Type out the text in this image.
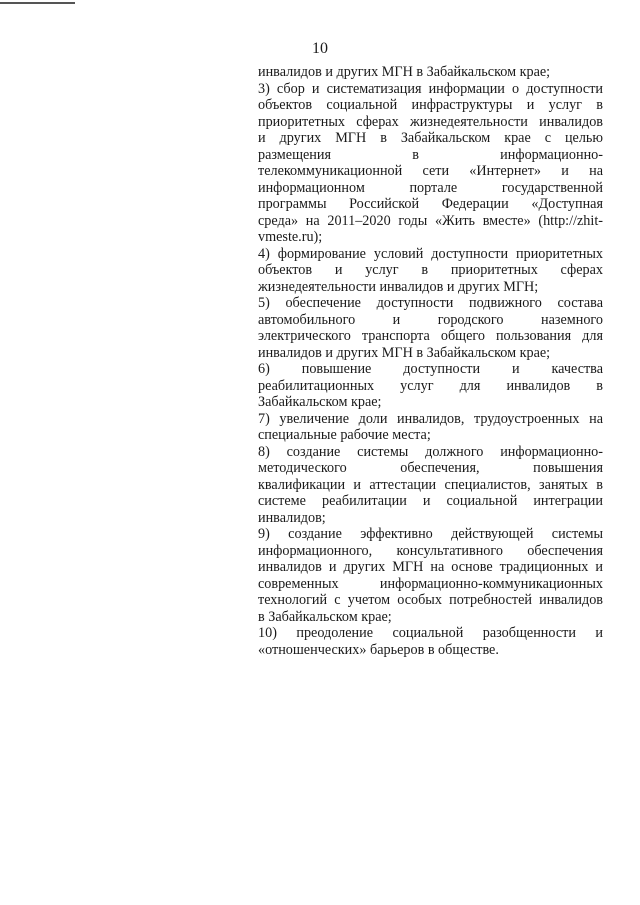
10

инвалидов и других МГН в Забайкальском крае;

3) сбор и систематизация информации о доступности
объектов социальной инфраструктуры и услуг в
приоритетных сферах жизнедеятельности инвалидов
и других МГН в Забайкальском крае с целью
размещения в информационно-
телекоммуникационной сети «Интернет» и на
информационном портале государственной
программы Российской Федерации «Доступная
среда» на 2011–2020 годы «Жить вместе» (http://zhit-
vmeste.ru);

4) формирование условий доступности приоритетных
объектов и услуг в приоритетных сферах
жизнедеятельности инвалидов и других МГН;

5) обеспечение доступности подвижного состава
автомобильного и городского наземного
электрического транспорта общего пользования для
инвалидов и других МГН в Забайкальском крае;

6) повышение доступности и качества
реабилитационных услуг для инвалидов в
Забайкальском крае;

7) увеличение доли инвалидов, трудоустроенных на
специальные рабочие места;

8) создание системы должного информационно-
методического обеспечения, повышения
квалификации и аттестации специалистов, занятых в
системе реабилитации и социальной интеграции
инвалидов;

9) создание эффективно действующей системы
информационного, консультативного обеспечения
инвалидов и других МГН на основе традиционных и
современных информационно-коммуникационных
технологий с учетом особых потребностей инвалидов
в Забайкальском крае;

10) преодоление социальной разобщенности и
«отношенческих» барьеров в обществе.
